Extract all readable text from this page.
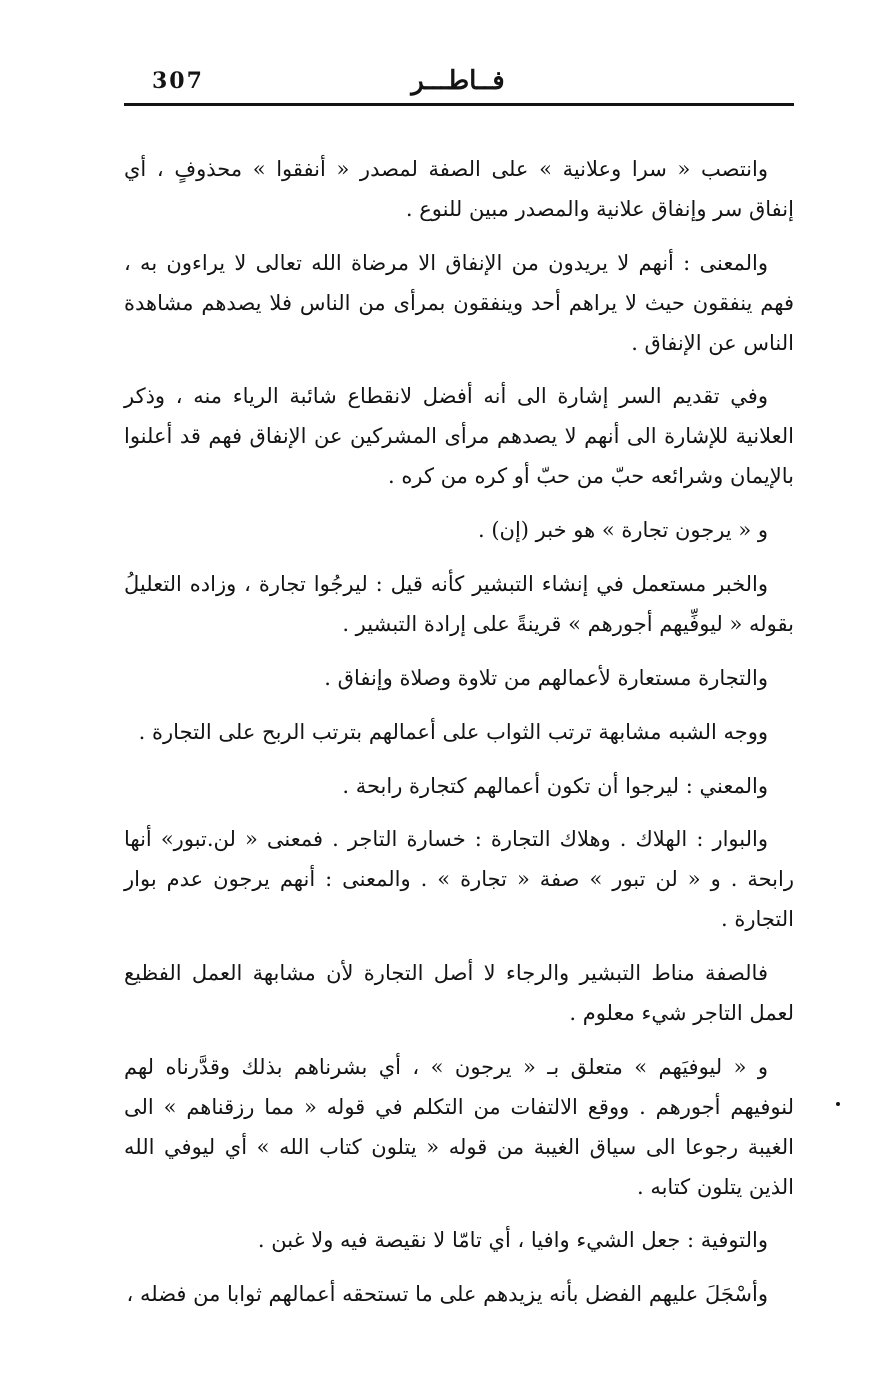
307	فــاطـــر

وانتصب « سرا وعلانية » على الصفة لمصدر « أنفقوا » محذوفٍ ، أي إنفاق سر وإنفاق علانية والمصدر مبين للنوع .

والمعنى : أنهم لا يريدون من الإنفاق الا مرضاة الله تعالى لا يراءون به ، فهم ينفقون حيث لا يراهم أحد وينفقون بمرأى من الناس فلا يصدهم مشاهدة الناس عن الإنفاق .

وفي تقديم السر إشارة الى أنه أفضل لانقطاع شائبة الرياء منه ، وذكر العلانية للإشارة الى أنهم لا يصدهم مرأى المشركين عن الإنفاق فهم قد أعلنوا بالإيمان وشرائعه حبّ من حبّ أو كره من كره .

و « يرجون تجارة » هو خبر (إن) .

والخبر مستعمل في إنشاء التبشير كأنه قيل : ليرجُوا تجارة ، وزاده التعليلُ بقوله « ليوفِّيهم أجورهم » قرينةً على إرادة التبشير .

والتجارة مستعارة لأعمالهم من تلاوة وصلاة وإنفاق .

ووجه الشبه مشابهة ترتب الثواب على أعمالهم بترتب الربح على التجارة .

والمعني : ليرجوا أن تكون أعمالهم كتجارة رابحة .

والبوار : الهلاك . وهلاك التجارة : خسارة التاجر . فمعنى « لن.تبور» أنها رابحة . و « لن تبور » صفة « تجارة » . والمعنى : أنهم يرجون عدم بوار التجارة .

فالصفة مناط التبشير والرجاء لا أصل التجارة لأن مشابهة العمل الفظيع لعمل التاجر شيء معلوم .

و « ليوفيَهم » متعلق بـ « يرجون » ، أي بشرناهم بذلك وقدَّرناه لهم لنوفيهم أجورهم . ووقع الالتفات من التكلم في قوله « مما رزقناهم » الى الغيبة رجوعا الى سياق الغيبة من قوله « يتلون كتاب الله » أي ليوفي الله الذين يتلون كتابه .

والتوفية : جعل الشيء وافيا ، أي تامّا لا نقيصة فيه ولا غبن .

وأسْجَلَ عليهم الفضل بأنه يزيدهم على ما تستحقه أعمالهم ثوابا من فضله ،
